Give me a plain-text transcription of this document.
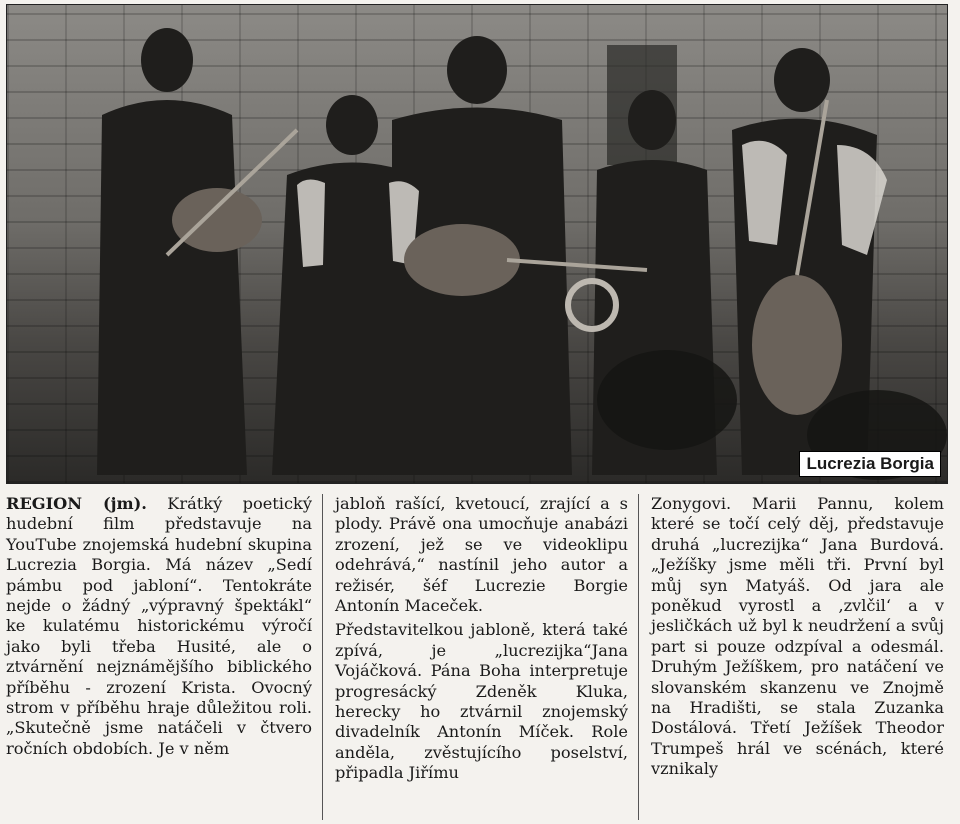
Lucrezia Borgia

REGION (jm). Krátký poetický hudební film představuje na YouTube znojemská hudební skupina Lucrezia Borgia. Má název „Sedí pámbu pod jabloní“. Tentokráte nejde o žádný „výpravný špektákl“ ke kulatému historickému výročí jako byli třeba Husité, ale o ztvárnění nejznámějšího biblického příběhu - zrození Krista. Ovocný strom v příběhu hraje důležitou roli. „Skutečně jsme natáčeli v čtvero ročních obdobích. Je v něm

jabloň rašící, kvetoucí, zrající a s plody. Právě ona umocňuje anabázi zrození, jež se ve videoklipu odehrává,“ nastínil jeho autor a režisér, šéf Lucrezie Borgie Antonín Maceček.

Představitelkou jabloně, která také zpívá, je „lucrezijka“Jana Vojáčková. Pána Boha interpretuje progresácký Zdeněk Kluka, herecky ho ztvárnil znojemský divadelník Antonín Míček. Role anděla, zvěstujícího poselství, připadla Jiřímu

Zonygovi. Marii Pannu, kolem které se točí celý děj, představuje druhá „lucrezijka“ Jana Burdová. „Ježíšky jsme měli tři. První byl můj syn Matyáš. Od jara ale poněkud vyrostl a ‚zvlčil‘ a v jesličkách už byl k neudržení a svůj part si pouze odzpíval a odesmál. Druhým Ježíškem, pro natáčení ve slovanském skanzenu ve Znojmě na Hradišti, se stala Zuzanka Dostálová. Třetí Ježíšek Theodor Trumpeš hrál ve scénách, které vznikaly
